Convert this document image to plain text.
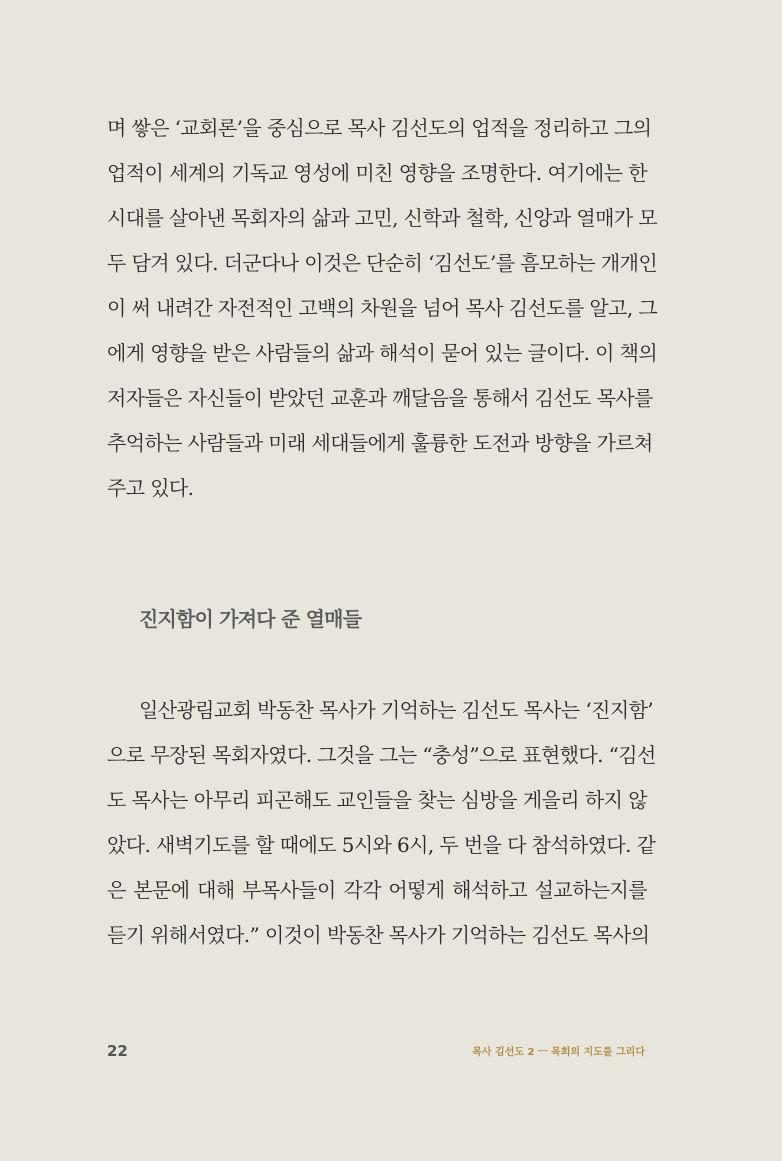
며 쌓은 ‘교회론’을 중심으로 목사 김선도의 업적을 정리하고 그의
업적이 세계의 기독교 영성에 미친 영향을 조명한다. 여기에는 한
시대를 살아낸 목회자의 삶과 고민, 신학과 철학, 신앙과 열매가 모
두 담겨 있다. 더군다나 이것은 단순히 ‘김선도’를 흠모하는 개개인
이 써 내려간 자전적인 고백의 차원을 넘어 목사 김선도를 알고, 그
에게 영향을 받은 사람들의 삶과 해석이 묻어 있는 글이다. 이 책의
저자들은 자신들이 받았던 교훈과 깨달음을 통해서 김선도 목사를
추억하는 사람들과 미래 세대들에게 훌륭한 도전과 방향을 가르쳐
주고 있다.
진지함이 가져다 준 열매들
일산광림교회 박동찬 목사가 기억하는 김선도 목사는 ‘진지함’
으로 무장된 목회자였다. 그것을 그는 “충성”으로 표현했다. “김선
도 목사는 아무리 피곤해도 교인들을 찾는 심방을 게을리 하지 않
았다. 새벽기도를 할 때에도 5시와 6시, 두 번을 다 참석하였다. 같
은 본문에 대해 부목사들이 각각 어떻게 해석하고 설교하는지를
듣기 위해서였다.” 이것이 박동찬 목사가 기억하는 김선도 목사의
22	목사 김선도 2 ㅡ 목회의 지도를 그리다
